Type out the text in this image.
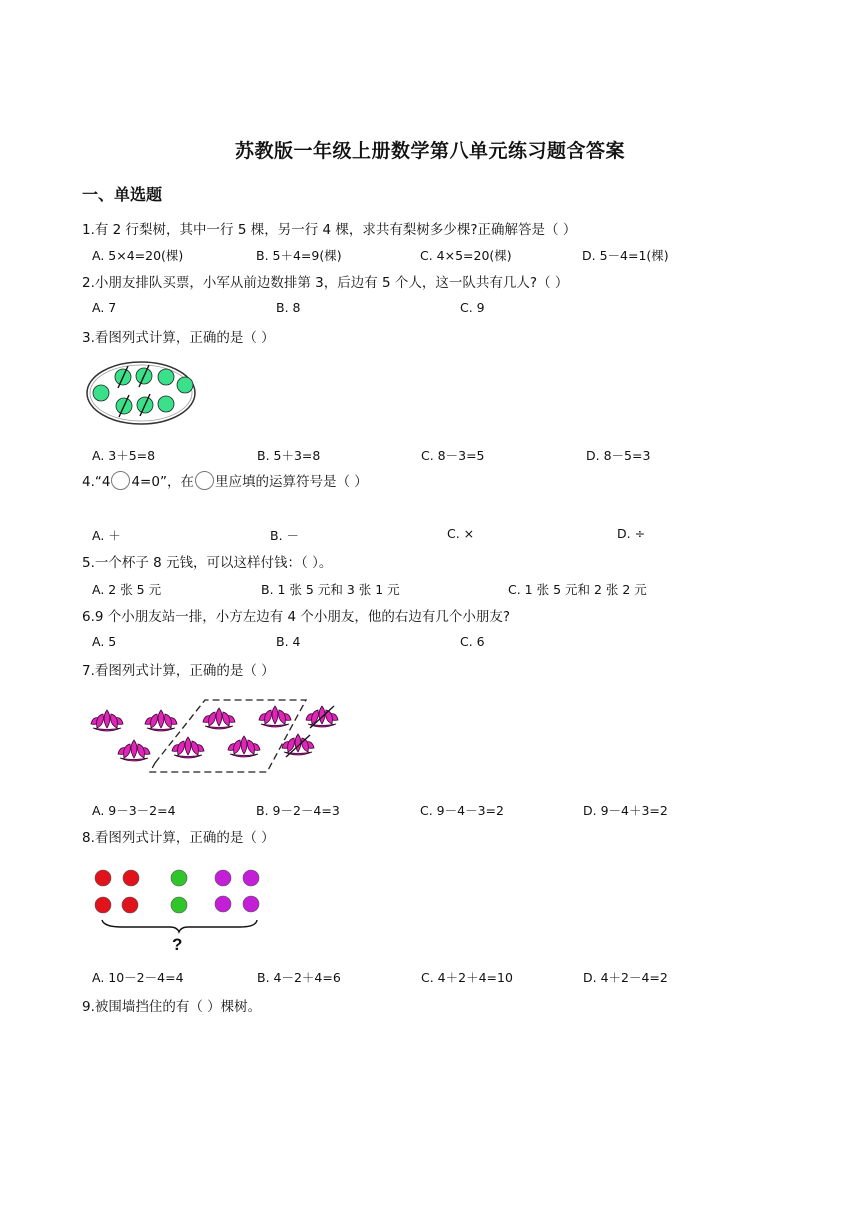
苏教版一年级上册数学第八单元练习题含答案
一、单选题
1.有 2 行梨树，其中一行 5 棵，另一行 4 棵，求共有梨树多少棵?正确解答是（ ）
A. 5×4=20(棵)	B. 5＋4=9(棵)	C. 4×5=20(棵)	D. 5－4=1(棵)
2.小朋友排队买票，小军从前边数排第 3，后边有 5 个人，这一队共有几人?（ ）
A. 7	B. 8	C. 9
3.看图列式计算，正确的是（ ）
A. 3＋5=8	B. 5＋3=8	C. 8－3=5	D. 8－5=3
4.“4 4=0”，在 里应填的运算符号是（ ）
A. ＋	B. －	C. ×	D. ÷
5.一个杯子 8 元钱，可以这样付钱：（ ）。
A. 2 张 5 元	B. 1 张 5 元和 3 张 1 元	C. 1 张 5 元和 2 张 2 元
6.9 个小朋友站一排，小方左边有 4 个小朋友，他的右边有几个小朋友?
A. 5	B. 4	C. 6
7.看图列式计算，正确的是（ ）
A. 9－3－2=4	B. 9－2－4=3	C. 9－4－3=2	D. 9－4＋3=2
8.看图列式计算，正确的是（ ）
?
A. 10－2－4=4	B. 4－2＋4=6	C. 4＋2＋4=10	D. 4＋2－4=2
9.被围墙挡住的有（ ）棵树。
